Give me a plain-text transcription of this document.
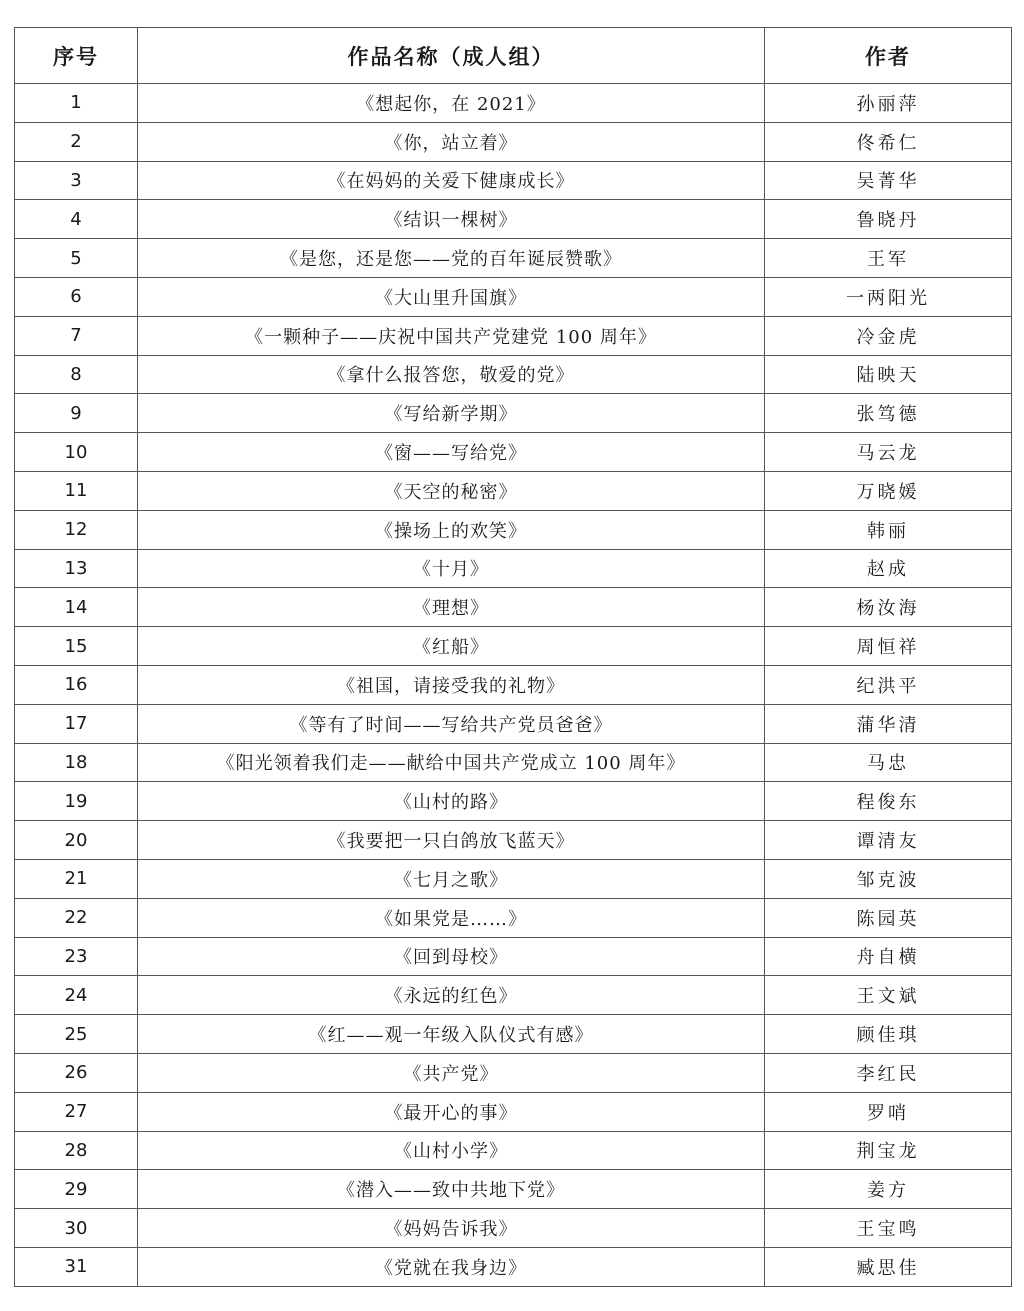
序号	作品名称（成人组）	作者
1	《想起你，在 2021》	孙丽萍
2	《你，站立着》	佟希仁
3	《在妈妈的关爱下健康成长》	吴菁华
4	《结识一棵树》	鲁晓丹
5	《是您，还是您——党的百年诞辰赞歌》	王军
6	《大山里升国旗》	一两阳光
7	《一颗种子——庆祝中国共产党建党 100 周年》	冷金虎
8	《拿什么报答您，敬爱的党》	陆映天
9	《写给新学期》	张笃德
10	《窗——写给党》	马云龙
11	《天空的秘密》	万晓媛
12	《操场上的欢笑》	韩丽
13	《十月》	赵成
14	《理想》	杨汝海
15	《红船》	周恒祥
16	《祖国，请接受我的礼物》	纪洪平
17	《等有了时间——写给共产党员爸爸》	蒲华清
18	《阳光领着我们走——献给中国共产党成立 100 周年》	马忠
19	《山村的路》	程俊东
20	《我要把一只白鸽放飞蓝天》	谭清友
21	《七月之歌》	邹克波
22	《如果党是……》	陈园英
23	《回到母校》	舟自横
24	《永远的红色》	王文斌
25	《红——观一年级入队仪式有感》	顾佳琪
26	《共产党》	李红民
27	《最开心的事》	罗哨
28	《山村小学》	荆宝龙
29	《潜入——致中共地下党》	姜方
30	《妈妈告诉我》	王宝鸣
31	《党就在我身边》	臧思佳
